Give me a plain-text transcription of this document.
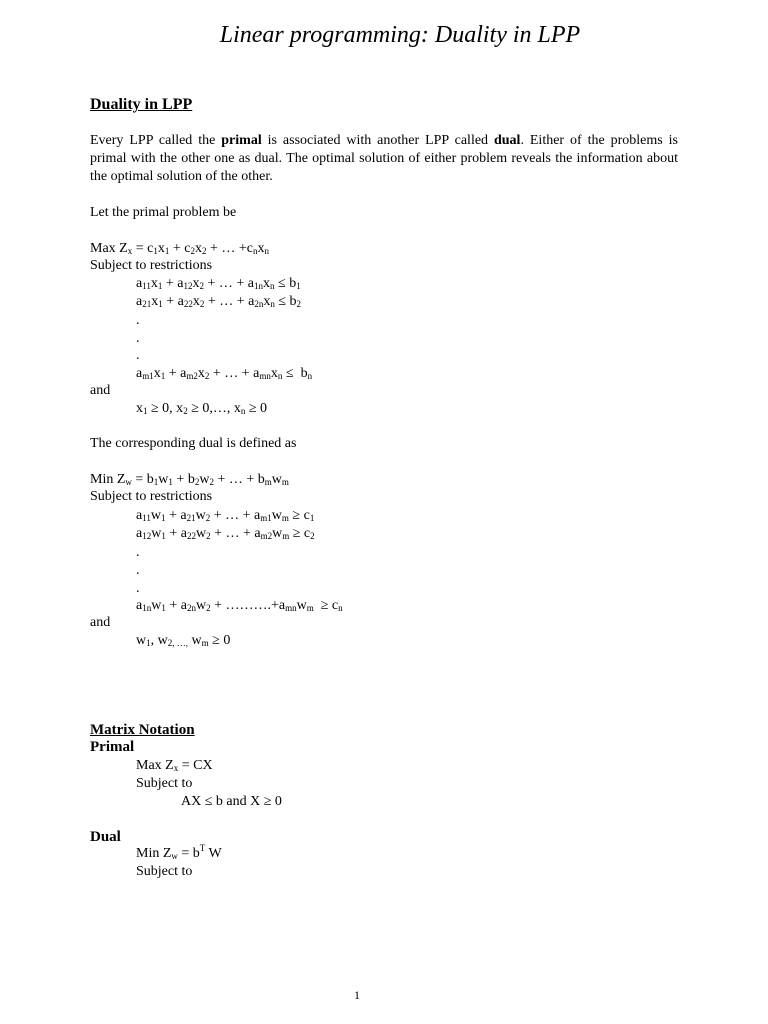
Linear programming: Duality in LPP
Duality in LPP
Every LPP called the primal is associated with another LPP called dual. Either of the problems is primal with the other one as dual. The optimal solution of either problem reveals the information about the optimal solution of the other.
Let the primal problem be
Max $Z_x = c_1x_1 + c_2x_2$ + … $+c_nx_n$
Subject to restrictions
$a_{11}x_1 + a_{12}x_2$ + … + $a_{1n}x_n \le b_1$
$a_{21}x_1 + a_{22}x_2$ + … + $a_{2n}x_n \le b_2$
.
.
.
$a_{m1}x_1 + a_{m2}x_2$ + … + $a_{mn}x_n \le b_n$
and
$x_1 \ge 0$, $x_2$ ≥ 0,…, $x_n \ge 0$
The corresponding dual is defined as
Min $Z_w = b_1w_1 + b_2w_2$ + … + $b_mw_m$
Subject to restrictions
$a_{11}w_1 + a_{21}w_2$ + … + $a_{m1}w_m \ge c_1$
$a_{12}w_1 + a_{22}w_2$ + … + $a_{m2}w_m \ge c_2$
.
.
.
$a_{1n}w_1 + a_{2n}w_2$ + $\dots\dots\dots.+a_{mn}w_m \ge c_n$
and
$w_1$, $w_{2, \dots,}$ $w_m \ge 0$
Matrix Notation
Primal
Max $Z_x$ = CX
Subject to
AX ≤ b and X ≥ 0
Dual
Min $Z_w = b^T$ W
Subject to
1
